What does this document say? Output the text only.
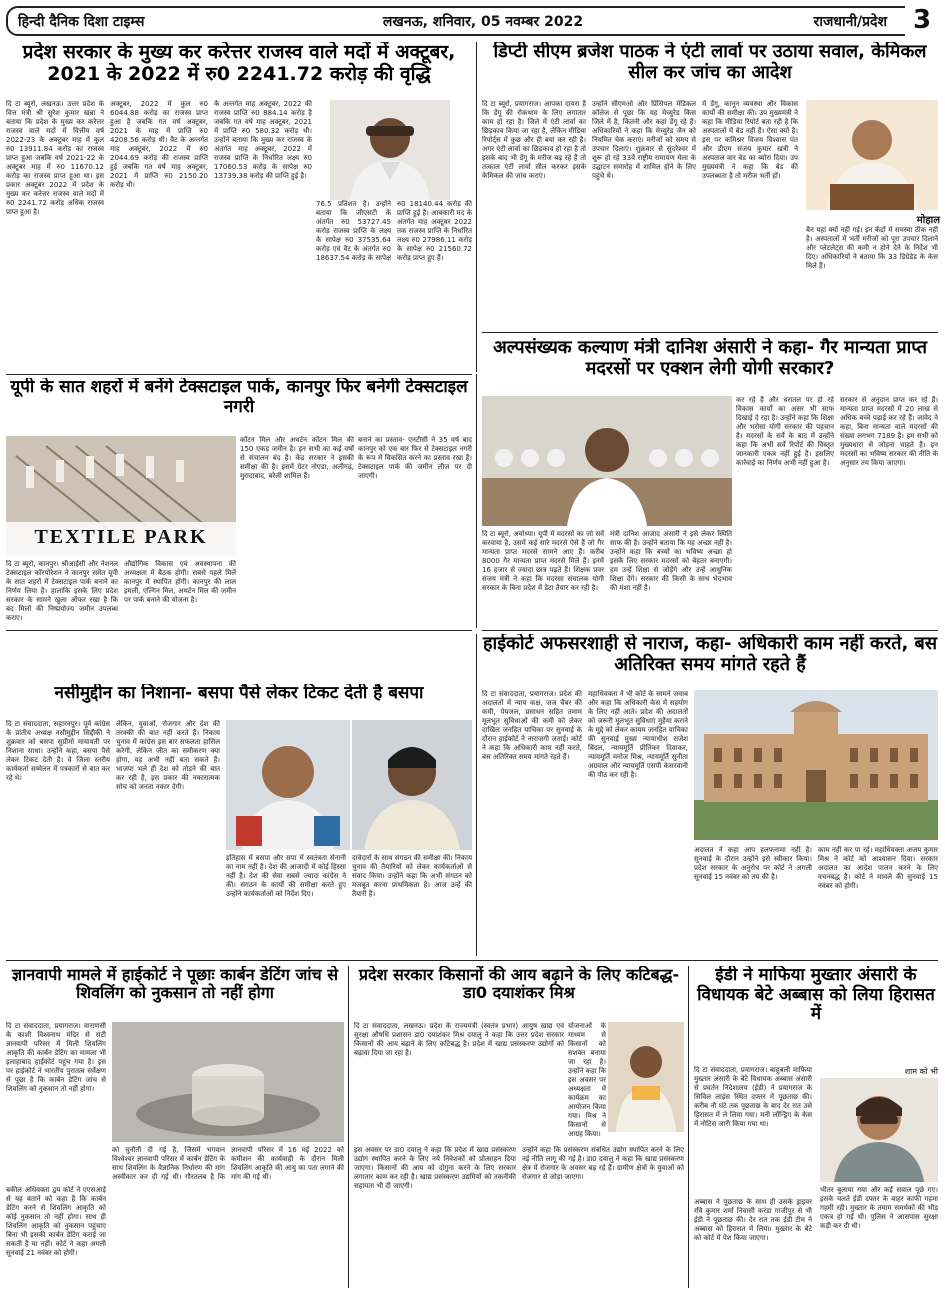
हिन्दी दैनिक दिशा टाइम्स	लखनऊ, शनिवार, 05 नवम्बर 2022	राजधानी/प्रदेश 3
प्रदेश सरकार के मुख्य कर करेत्तर राजस्व वाले मदों में अक्टूबर, 2021 के 2022 में रु0 2241.72 करोड़ की वृद्धि
दि टा ब्यूरो, लखनऊ। उत्तर प्रदेश के वित्त मंत्री श्री सुरेश कुमार खन्ना ने बताया कि प्रदेश के मुख्य कर करेत्तर राजस्व वाले मदों में वित्तीय वर्ष 2022-23 के अक्टूबर माह में कुल रु0 13911.84 करोड़ का राजस्व प्राप्त हुआ जबकि वर्ष 2021-22 के अक्टूबर माह में रु0 11670.12 करोड़ का राजस्व प्राप्त हुआ था। इस प्रकार अक्टूबर 2022 में प्रदेश के मुख्य कर करेत्तर राजस्व वाले मदों में रु0 2241.72 करोड़ अधिक राजस्व प्राप्त हुआ है।
अक्टूबर, 2022 में कुल रु0 6044.88 करोड़ का राजस्व प्राप्त हुआ है जबकि गत वर्ष अक्टूबर, 2021 के माह में प्राप्ति रु0 4208.56 करोड़ थी। वैट के अन्तर्गत माह अक्टूबर, 2022 में रु0 2044.69 करोड़ की राजस्व प्राप्ति हुई जबकि गत वर्ष माह अक्टूबर, 2021 में प्राप्ति रु0 2150.20 करोड़ थी।
के अन्तर्गत माह अक्टूबर, 2022 की राजस्व प्राप्ति रु0 884.14 करोड़ है जबकि गत वर्ष माह अक्टूबर, 2021 में प्राप्ति रु0 580.32 करोड़ थी। उन्होंने बताया कि मुख्य कर राजस्व के अंतर्गत माह अक्टूबर, 2022 में राजस्व प्राप्ति के निर्धारित लक्ष्य रु0 17060.53 करोड़ के सापेक्ष रु0 13739.38 करोड़ की प्राप्ति हुई है।
76.5 प्रतिशत है। उन्होंने बताया कि जीएसटी के अंतर्गत रु0 53727.45 करोड़ राजस्व प्राप्ति के लक्ष्य के सापेक्ष रु0 37535.64 करोड़ एवं वैट के अंतर्गत रु0 18637.54 करोड़ के सापेक्ष रु0 18140.44 करोड़ की प्राप्ति हुई है। आबकारी मद के अंतर्गत माह अक्टूबर 2022 तक राजस्व प्राप्ति के निर्धारित लक्ष्य रु0 27986.11 करोड़ के सापेक्ष रु0 21560.72 करोड़ प्राप्त हुए हैं।
डिप्टी सीएम ब्रजेश पाठक ने एंटी लार्वा पर उठाया सवाल, केमिकल सील कर जांच का आदेश
दि टा ब्यूरो, प्रयागराज। आपका दायरा है कि डेंगू की रोकथाम के लिए लगातार काम हो रहा है। जिले में एंटी लार्वा का छिड़काव किया जा रहा है, लेकिन मीडिया रिपोर्ट्स में कुछ और ही बयां कर रही है। अगर एंटी लार्वा का छिड़काव हो रहा है तो इसके बाद भी डेंगू के मरीज बढ़ रहे हैं तो तत्काल एंटी लार्वा सील करकर इसके केमिकल की जांच कराएं।
उन्होंने सीएमओ और प्रिंसिपल मेडिकल कॉलेज से पूछा कि यह मेच्युरेड किस जिले में है, कितनी और कहां डेंगू रहे हैं। अधिकारियों ने कहा कि मेच्युरेड जैन को नियमित चेक कराएं। मरीजों को समय से उपचार दिलाएं। शुक्रवार से सुंदरेश्वर में शुरू हो रहे 33वें राष्ट्रीय रामायण मेला के उद्घाटन समारोह में शामिल होने के लिए पहुंचे थे।
में डेंगू, कानून व्यवस्था और विकास कार्यों की समीक्षा की। उप मुख्यमंत्री ने कहा कि मीडिया रिपोर्ट बता रही है कि अस्पतालों में बेड नहीं हैं। ऐसा क्यों है। इस पर कमिश्नर विजय विश्वास पंत और डीएम संजय कुमार खत्री ने अस्पताल वार बेड का ब्योरा दिया। उप मुख्यमंत्री ने कहा कि बेड की उपलब्धता है तो मरीज भर्ती हों।
मोहाल
बैन यहां क्यों नहीं गई। इन केंद्रों में समस्या ठीक नहीं है। अस्पतालों में भर्ती मरीजों को पूरा उपचार दिलाने और प्लेटलेट्स की कमी न होने देने के निर्देश भी दिए। अधिकारियों ने बताया कि 33 डिग्रेडेड के केस मिले हैं।
अल्पसंख्यक कल्याण मंत्री दानिश अंसारी ने कहा- गैर मान्यता प्राप्त मदरसों पर एक्शन लेगी योगी सरकार?
कर रहे हैं और धरातल पर हो रहे विकास कार्यों का असर भी साफ दिखाई दे रहा है। उन्होंने कहा कि शिक्षा और भरोसा योगी सरकार की पहचान है। मदरसों के सर्वे के बाद में उन्होंने कहा कि अभी सर्वे रिपोर्ट की विस्तृत जानकारी एकत्र नहीं हुई है। इसलिए कार्रवाई का निर्णय अभी नहीं हुआ है।
सरकार से अनुदान प्राप्त कर रहे हैं। मान्यता प्राप्त मदरसों में 20 लाख से अधिक बच्चे पढ़ाई कर रहे हैं। जावेद ने कहा, बिना मान्यता वाले मदरसों की संख्या लगभग 7189 है। हम सभी को मुख्यधारा से जोड़ना चाहते हैं। इन मदरसों का भविष्य सरकार की नीति के अनुसार तय किया जाएगा।
दि टा ब्यूरो, अयोध्या। यूपी में मदरसों का जो सर्वे करवाया है, उसमें कई सारे मदरसे ऐसे हैं जो गैर मान्यता प्राप्त मदरसे सामने आए हैं। करीब 8000 गैर मान्यता प्राप्त मदरसे मिले हैं। इनमें 16 हजार से ज्यादा छात्र पढ़ते हैं। शिक्षक प्रवर संजय मंत्री ने कहा कि मदरसा संचालक योगी सरकार के बिना प्रदेश में डेटा तैयार कर रही है।
मंत्री दानिश आजाद अंसारी ने इसे लेकर स्थिति साफ की है। उन्होंने बताया कि यह अच्छा नहीं है। उन्होंने कहा कि बच्चों का भविष्य अच्छा हो इसके लिए सरकार मदरसों को बेहतर बनाएगी। हम उन्हें शिक्षा से जोड़ेंगे और उन्हें आधुनिक शिक्षा देंगे। सरकार की किसी के साथ भेदभाव की मंशा नहीं है।
यूपी के सात शहरों में बनेंगे टेक्सटाइल पार्क, कानपुर फिर बनेगी टेक्सटाइल नगरी
TEXTILE PARK
कॉटन मिल और अथर्टन कॉटन मिल की 150 एकड़ जमीन है। इन सभी का कई वर्षों से संचालन बंद है। केंद्र सरकार ने इसकी समीक्षा की है। इसमें ग्रेटर नोएडा, अलीगढ़, मुरादाबाद, बरेली शामिल हैं।
बनाने का प्रस्ताव- एनटीसी ने 35 वर्ष बाद कानपुर को एक बार फिर से टेक्सटाइल नगरी के रूप में विकसित करने का प्रस्ताव रखा है। टेक्सटाइल पार्क की जमीन लीज पर दी जाएगी।
दि टा ब्यूरो, कानपुर। श्रीआईसी और नेशनल टेक्सटाइल कॉरपोरेशन ने कानपुर समेत यूपी के सात शहरों में टेक्सटाइल पार्क बनाने का निर्णय लिया है। हालांकि इसके लिए प्रदेश सरकार के सामने खुला ऑफर रखा है कि बंद मिलों की निष्प्रयोज्य जमीन उपलब्ध कराए।
औद्योगिक विकास एवं अवस्थापना की अध्यक्षता में बैठक होगी। सबसे पहले मिलें कानपुर में स्थापित होंगी। कानपुर की लाल इमली, एल्गिन मिल, अथर्टन मिल की जमीन पर पार्क बनाने की योजना है।
हाईकोर्ट अफसरशाही से नाराज, कहा- अधिकारी काम नहीं करते, बस अतिरिक्त समय मांगते रहते हैं
दि टा संवाददाता, प्रयागराज। प्रदेश की अदालतों में न्याय कक्ष, जज चैंबर की कमी, पेयजल, प्रसाधन सहित तमाम मूलभूत सुविधाओं की कमी को लेकर दाखिल जनहित याचिका पर सुनवाई के दौरान हाईकोर्ट ने नाराजगी जताई। कोर्ट ने कहा कि अधिकारी काम नहीं करते, बस अतिरिक्त समय मांगते रहते हैं।
महाधिवक्ता ने भी कोर्ट के सामने जवाब और कहा कि अधिकारी केस में सहयोग के लिए नहीं आते। प्रदेश की अदालतों को जरूरी मूलभूत सुविधाएं मुहैया कराने के मुद्दे को लेकर कायम जनहित याचिका की सुनवाई मुख्य न्यायाधीश राजेश बिंदल, न्यायमूर्ति प्रीतिंकर दिवाकर, न्यायमूर्ति मनोज मिश्र, न्यायमूर्ति सुनीता अग्रवाल और न्यायमूर्ति एसपी केसरवानी की पीठ कर रही है।
अदालत ने कहा आप हलफनामा नहीं है। सुनवाई के दौरान उन्होंने इसे स्वीकार किया। प्रदेश सरकार के अनुरोध पर कोर्ट ने अगली सुनवाई 15 नवंबर को तय की है।
काम नहीं कर पा रहे। महाधिवक्ता अजय कुमार मिश्र ने कोर्ट को आश्वासन दिया। सरकार अदालत का आदेश पालन करने के लिए वचनबद्ध है। कोर्ट ने मामले की सुनवाई 15 नवंबर को होगी।
नसीमुद्दीन का निशाना- बसपा पैसे लेकर टिकट देती है बसपा
दि टा संवाददाता, सहारनपुर। पूर्व कांग्रेस के प्रांतीय अध्यक्ष नसीमुद्दीन सिद्दीकी ने शुक्रवार को बसपा सुप्रीमो मायावती पर निशाना साधा। उन्होंने कहा, बसपा पैसे लेकर टिकट देती है। वे जिला स्तरीय कार्यकर्ता सम्मेलन में पत्रकारों से बात कर रहे थे।
लेकिन, युवाओं, रोजगार और देश की तरक्की की बात नहीं करते हैं। निकाय चुनाव में कांग्रेस इस बार सफलता हासिल करेगी, लेकिन जीत का समीकरण क्या होगा, यह अभी नहीं बता सकते हैं। भाजपा भले ही देश को तोड़ने की बात कर रही है, इस प्रकार की नकारात्मक सोच को जनता नकार देगी।
इतिहास में बसपा और सपा में स्वतंत्रता सेनानी का नाम नहीं है। देश की आजादी में कोई हिस्सा नहीं है। देश की सेवा सबसे ज्यादा कांग्रेस ने की। संगठन के कार्यों की समीक्षा करते हुए उन्होंने कार्यकर्ताओं को निर्देश दिए।
दावेदारों के साथ संगठन की समीक्षा की। निकाय चुनाव की तैयारियों को लेकर कार्यकर्ताओं से संवाद किया। उन्होंने कहा कि अभी संगठन को मजबूत करना प्राथमिकता है। आज उन्हें की तैयारी है।
ज्ञानवापी मामले में हाईकोर्ट ने पूछाः कार्बन डेटिंग जांच से शिवलिंग को नुकसान तो नहीं होगा
दि टा संवाददाता, प्रयागराज। वाराणसी के काशी विश्वनाथ मंदिर से सटी ज्ञानवापी परिसर में मिली शिवलिंग आकृति की कार्बन डेटिंग का मामला भी इलाहाबाद हाईकोर्ट पहुंच गया है। इस पर हाईकोर्ट ने भारतीय पुरातत्व सर्वेक्षण से पूछा है कि कार्बन डेटिंग जांच से शिवलिंग को नुकसान तो नहीं होगा।
को चुनौती दी गई है, जिसमें भगवान विश्वेश्वर ज्ञानवापी परिसर में कार्बन डेटिंग के साथ शिवलिंग के वैज्ञानिक निर्धारण की मांग अस्वीकार कर दी गई थी। गौरतलब है कि ज्ञानवापी परिसर में 16 मई 2022 को कमीशन की कार्यवाही के दौरान मिली शिवलिंग आकृति की आयु का पता लगाने की मांग की गई थी।
बकील अधिवक्ता द्वय कोर्ट ने एएसआई से यह बताने को कहा है कि कार्बन डेटिंग करने से शिवलिंग आकृति को कोई नुकसान तो नहीं होगा। साथ ही शिवलिंग आकृति को नुकसान पहुंचाए बिना भी इसकी कार्बन डेटिंग कराई जा सकती है या नहीं। कोर्ट ने कहा अगली सुनवाई 21 नवंबर को होगी।
प्रदेश सरकार किसानों की आय बढ़ाने के लिए कटिबद्ध- डा0 दयाशंकर मिश्र
दि टा संवाददाता, लखनऊ। प्रदेश के राज्यमंत्री (स्वतंत्र प्रभार) आयुष खाद्य एवं सुरक्षा औषधि प्रशासन डा0 दयाशंकर मिश्र दयालु ने कहा कि उत्तर प्रदेश सरकार किसानों की आय बढ़ाने के लिए कटिबद्ध है। प्रदेश में खाद्य प्रसंस्करण उद्योगों को बढ़ावा दिया जा रहा है।
योजनाओं के माध्यम से किसानों को सशक्त बनाया जा रहा है। उन्होंने कहा कि इस अवसर पर अध्यक्षता में कार्यक्रम का आयोजन किया गया। मिश्र ने किसानों से आग्रह किया।
इस अवसर पर डा0 दयालु ने कहा कि प्रदेश में खाद्य प्रसंस्करण उद्योग स्थापित करने के लिए नये निवेशकों को प्रोत्साहन दिया जाएगा। किसानों की आय को दोगुना करने के लिए सरकार लगातार काम कर रही है। खाद्य प्रसंस्करण उद्यमियों को तकनीकी सहायता भी दी जाएगी।
उन्होंने कहा कि प्रसंस्करण संबंधित उद्योग स्थापित करने के लिए नई नीति लागू की गई है। डा0 दयालु ने कहा कि खाद्य प्रसंस्करण क्षेत्र में रोजगार के अवसर बढ़ रहे हैं। ग्रामीण क्षेत्रों के युवाओं को रोजगार से जोड़ा जाएगा।
ईडी ने माफिया मुख्तार अंसारी के विधायक बेटे अब्बास को लिया हिरासत में
दि टा संवाददाता, प्रयागराज। बाहुबली माफिया मुख्तार अंसारी के बेटे विधायक अब्बास अंसारी से प्रवर्तन निदेशालय (ईडी) ने प्रयागराज के सिविल लाइंस स्थित दफ्तर में पूछताछ की। करीब नौ घंटे तक पूछताछ के बाद देर रात उसे हिरासत में ले लिया गया। मनी लॉन्ड्रिंग के केस में नोटिस जारी किया गया था।
शाम को भी
अब्बास ने पूछताछ के साथ ही उसके ड्राइवर रवि कुमार शर्मा निवासी करंडा गाजीपुर से भी ईडी ने पूछताछ की। देर रात तक ईडी टीम ने अब्बास को हिरासत में लिया। मुख्तार के बेटे को कोर्ट में पेश किया जाएगा।
भीतर बुलाया गया और कई सवाल पूछे गए। इसके चलते ईडी दफ्तर के बाहर काफी गहमा गहमी रही। मुख्तार के तमाम समर्थकों की भीड़ एकत्र हो गई थी। पुलिस ने आसपास सुरक्षा कड़ी कर दी थी।
